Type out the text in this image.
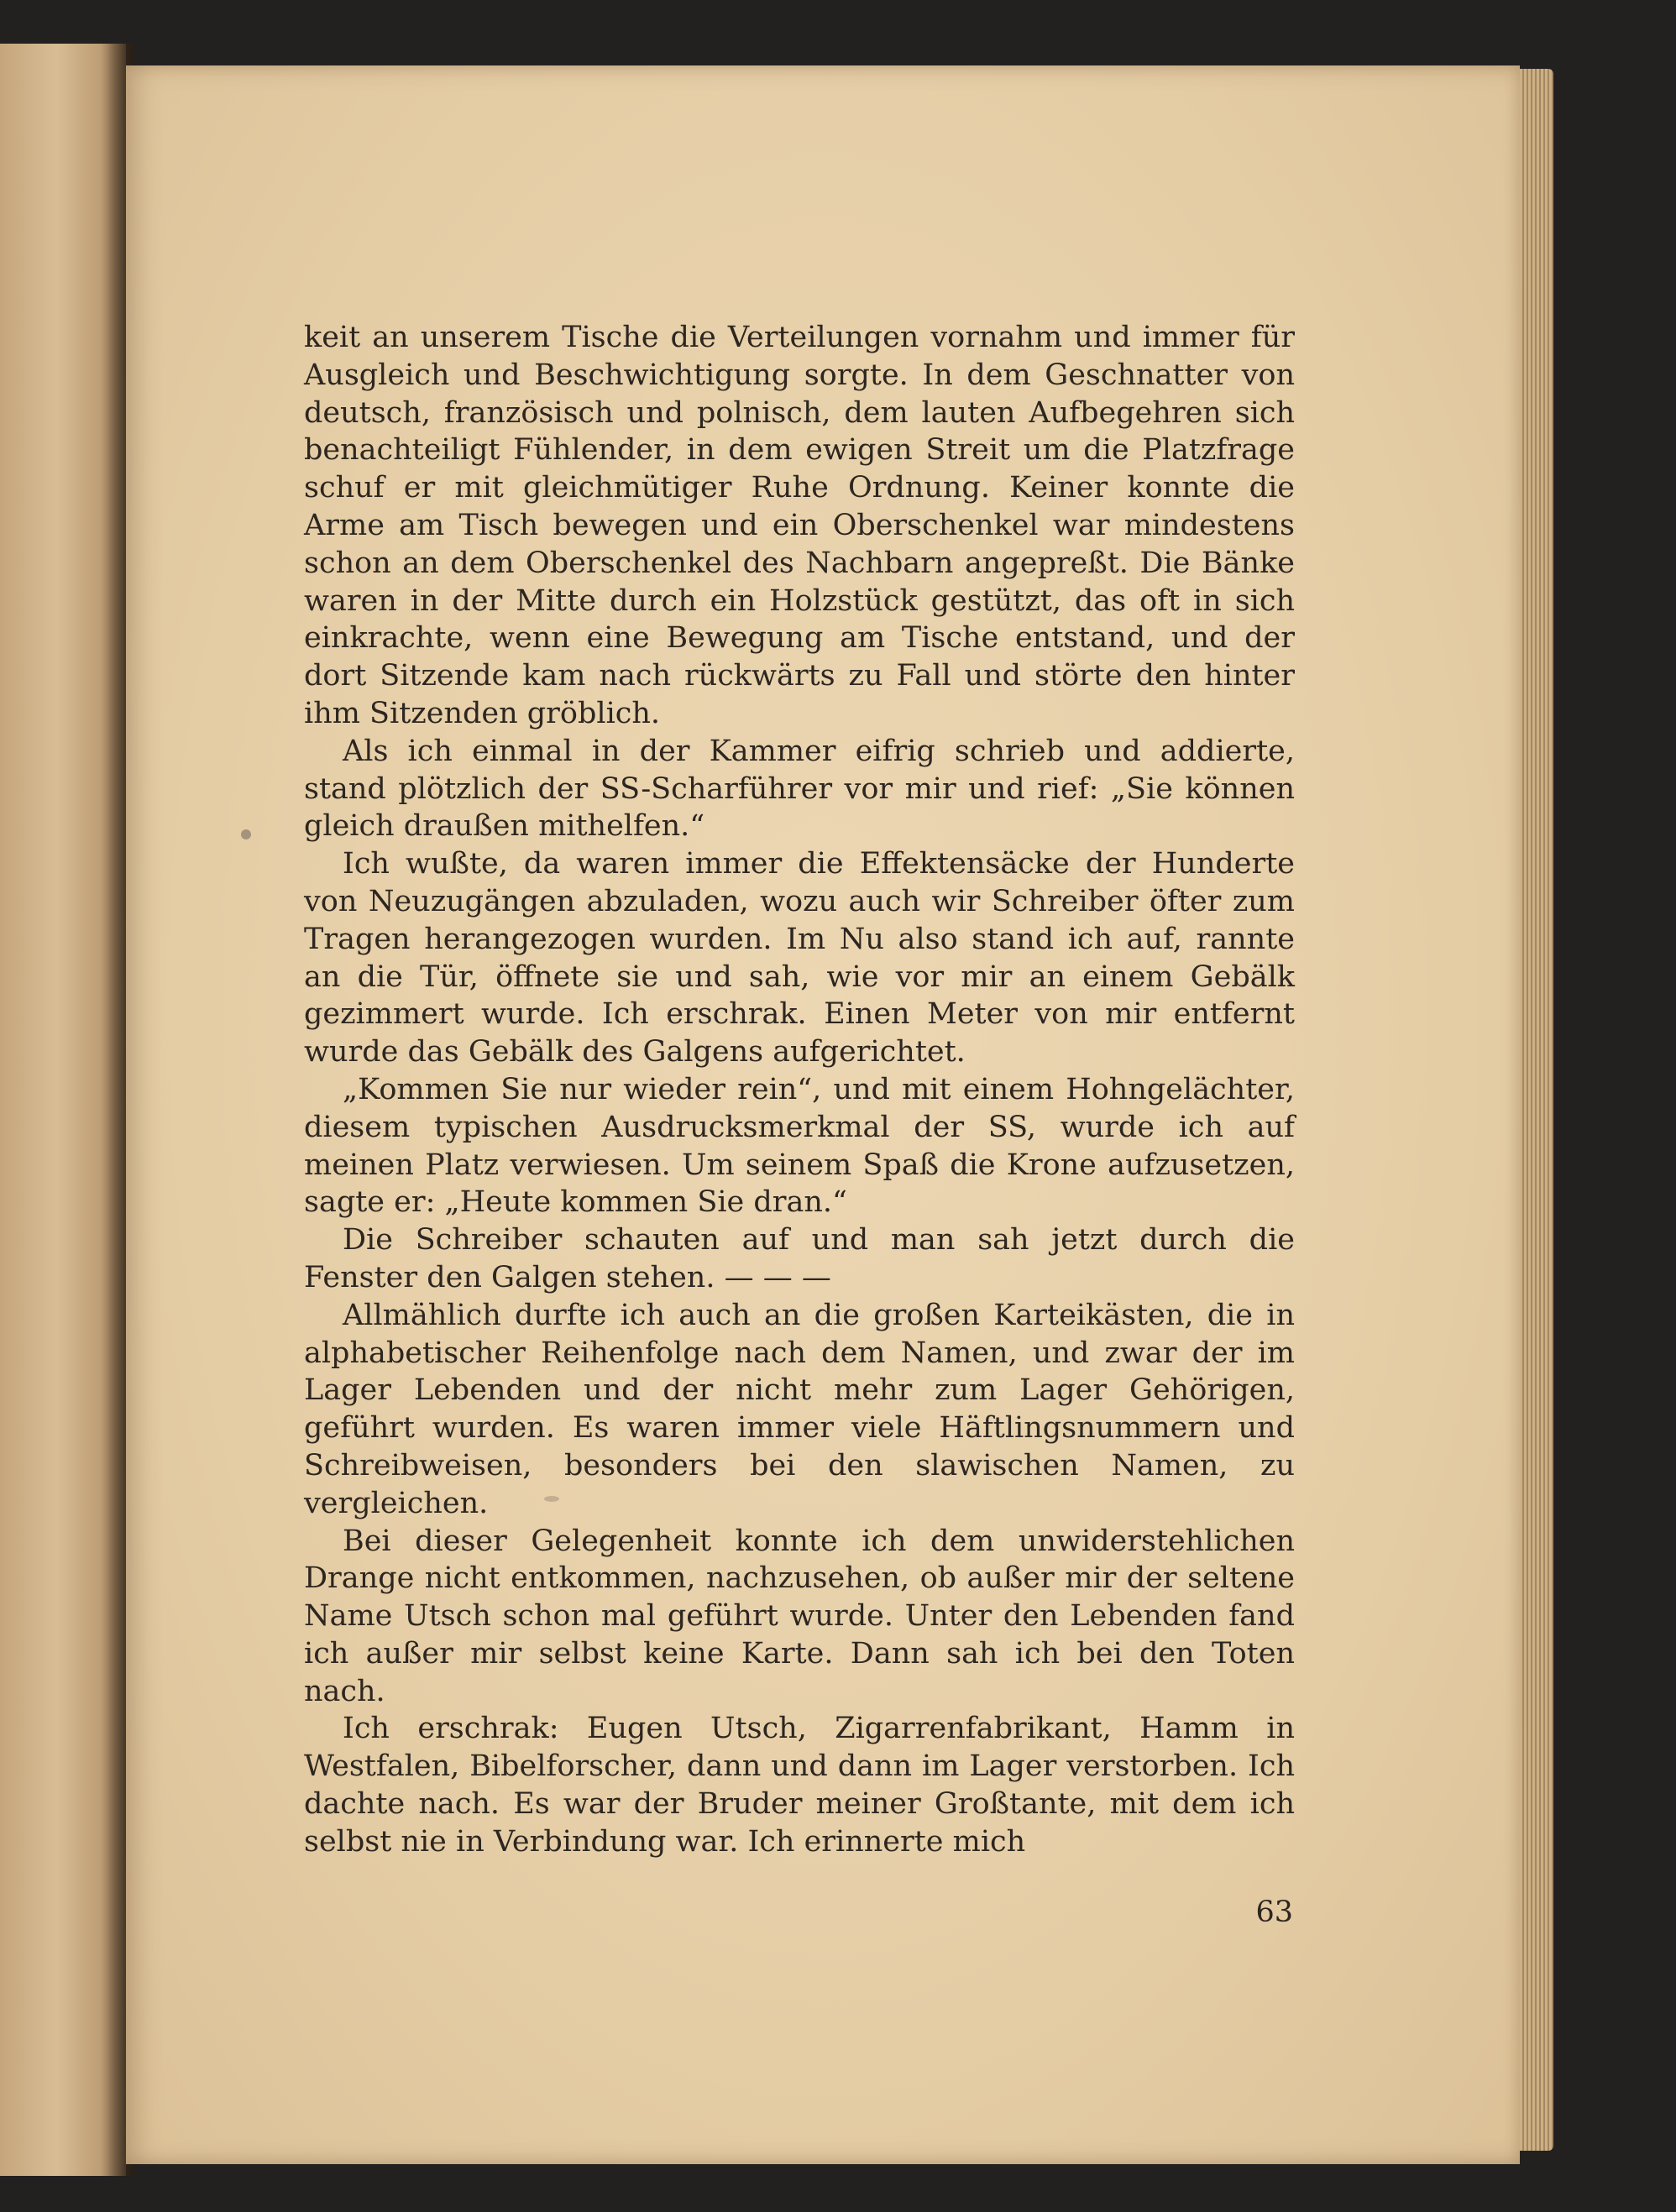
keit an unserem Tische die Verteilungen vornahm und immer für Ausgleich und Beschwichtigung sorgte. In dem Geschnatter von deutsch, französisch und polnisch, dem lauten Aufbegehren sich benachteiligt Fühlender, in dem ewigen Streit um die Platzfrage schuf er mit gleichmütiger Ruhe Ordnung. Keiner konnte die Arme am Tisch bewegen und ein Oberschenkel war mindestens schon an dem Oberschenkel des Nachbarn angepreßt. Die Bänke waren in der Mitte durch ein Holzstück gestützt, das oft in sich einkrachte, wenn eine Bewegung am Tische entstand, und der dort Sitzende kam nach rückwärts zu Fall und störte den hinter ihm Sitzenden gröblich.

Als ich einmal in der Kammer eifrig schrieb und addierte, stand plötzlich der SS-Scharführer vor mir und rief: „Sie können gleich draußen mithelfen.“

Ich wußte, da waren immer die Effektensäcke der Hunderte von Neuzugängen abzuladen, wozu auch wir Schreiber öfter zum Tragen herangezogen wurden. Im Nu also stand ich auf, rannte an die Tür, öffnete sie und sah, wie vor mir an einem Gebälk gezimmert wurde. Ich erschrak. Einen Meter von mir entfernt wurde das Gebälk des Galgens aufgerichtet.

„Kommen Sie nur wieder rein“, und mit einem Hohngelächter, diesem typischen Ausdrucksmerkmal der SS, wurde ich auf meinen Platz verwiesen. Um seinem Spaß die Krone aufzusetzen, sagte er: „Heute kommen Sie dran.“

Die Schreiber schauten auf und man sah jetzt durch die Fenster den Galgen stehen. — — —

Allmählich durfte ich auch an die großen Karteikästen, die in alphabetischer Reihenfolge nach dem Namen, und zwar der im Lager Lebenden und der nicht mehr zum Lager Gehörigen, geführt wurden. Es waren immer viele Häftlingsnummern und Schreibweisen, besonders bei den slawischen Namen, zu vergleichen.

Bei dieser Gelegenheit konnte ich dem unwiderstehlichen Drange nicht entkommen, nachzusehen, ob außer mir der seltene Name Utsch schon mal geführt wurde. Unter den Lebenden fand ich außer mir selbst keine Karte. Dann sah ich bei den Toten nach.

Ich erschrak: Eugen Utsch, Zigarrenfabrikant, Hamm in Westfalen, Bibelforscher, dann und dann im Lager verstorben. Ich dachte nach. Es war der Bruder meiner Großtante, mit dem ich selbst nie in Verbindung war. Ich erinnerte mich

63
